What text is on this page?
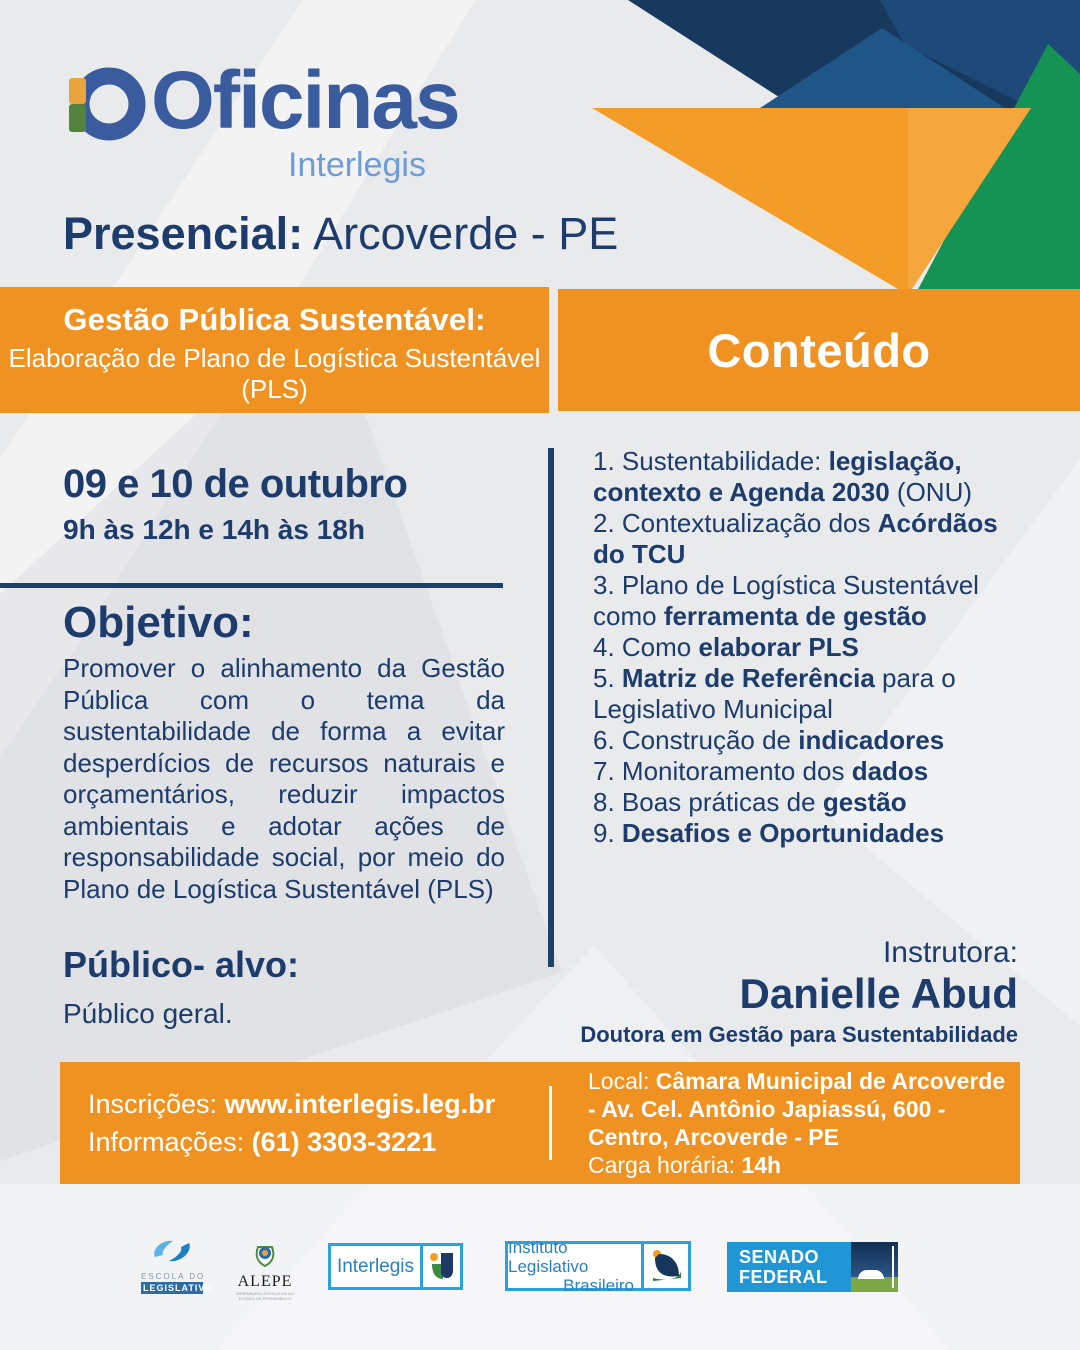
Oficinas
Interlegis
Presencial: Arcoverde - PE
Gestão Pública Sustentável:
Elaboração de Plano de Logística Sustentável (PLS)
Conteúdo
09 e 10 de outubro
9h às 12h e 14h às 18h
Objetivo:
Promover o alinhamento da Gestão Pública com o tema da sustentabilidade de forma a evitar desperdícios de recursos naturais e orçamentários, reduzir impactos ambientais e adotar ações de responsabilidade social, por meio do Plano de Logística Sustentável (PLS)
Público- alvo:
Público geral.
1. Sustentabilidade: legislação, contexto e Agenda 2030 (ONU)
2. Contextualização dos Acórdãos do TCU
3. Plano de Logística Sustentável como ferramenta de gestão
4. Como elaborar PLS
5. Matriz de Referência para o Legislativo Municipal
6. Construção de indicadores
7. Monitoramento dos dados
8. Boas práticas de gestão
9. Desafios e Oportunidades
Instrutora:
Danielle Abud
Doutora em Gestão para Sustentabilidade
Inscrições: www.interlegis.leg.br
Informações: (61) 3303-3221
Local: Câmara Municipal de Arcoverde - Av. Cel. Antônio Japiassú, 600 - Centro, Arcoverde - PE
Carga horária: 14h
ESCOLA DO
LEGISLATIVO ALEPE
ASSEMBLEIA LEGISLATIVA DO ESTADO DE PERNAMBUCO
Interlegis
Instituto Legislativo
Brasileiro
SENADO
FEDERAL
